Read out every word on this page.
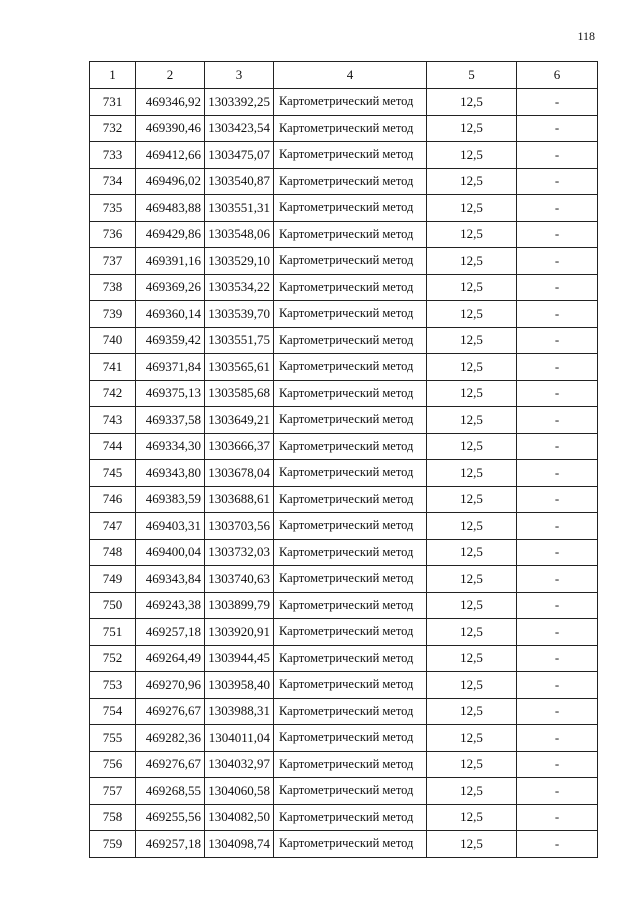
118
1	2	3	4	5	6
731	469346,92	1303392,25	Картометрический метод	12,5	-
732	469390,46	1303423,54	Картометрический метод	12,5	-
733	469412,66	1303475,07	Картометрический метод	12,5	-
734	469496,02	1303540,87	Картометрический метод	12,5	-
735	469483,88	1303551,31	Картометрический метод	12,5	-
736	469429,86	1303548,06	Картометрический метод	12,5	-
737	469391,16	1303529,10	Картометрический метод	12,5	-
738	469369,26	1303534,22	Картометрический метод	12,5	-
739	469360,14	1303539,70	Картометрический метод	12,5	-
740	469359,42	1303551,75	Картометрический метод	12,5	-
741	469371,84	1303565,61	Картометрический метод	12,5	-
742	469375,13	1303585,68	Картометрический метод	12,5	-
743	469337,58	1303649,21	Картометрический метод	12,5	-
744	469334,30	1303666,37	Картометрический метод	12,5	-
745	469343,80	1303678,04	Картометрический метод	12,5	-
746	469383,59	1303688,61	Картометрический метод	12,5	-
747	469403,31	1303703,56	Картометрический метод	12,5	-
748	469400,04	1303732,03	Картометрический метод	12,5	-
749	469343,84	1303740,63	Картометрический метод	12,5	-
750	469243,38	1303899,79	Картометрический метод	12,5	-
751	469257,18	1303920,91	Картометрический метод	12,5	-
752	469264,49	1303944,45	Картометрический метод	12,5	-
753	469270,96	1303958,40	Картометрический метод	12,5	-
754	469276,67	1303988,31	Картометрический метод	12,5	-
755	469282,36	1304011,04	Картометрический метод	12,5	-
756	469276,67	1304032,97	Картометрический метод	12,5	-
757	469268,55	1304060,58	Картометрический метод	12,5	-
758	469255,56	1304082,50	Картометрический метод	12,5	-
759	469257,18	1304098,74	Картометрический метод	12,5	-
